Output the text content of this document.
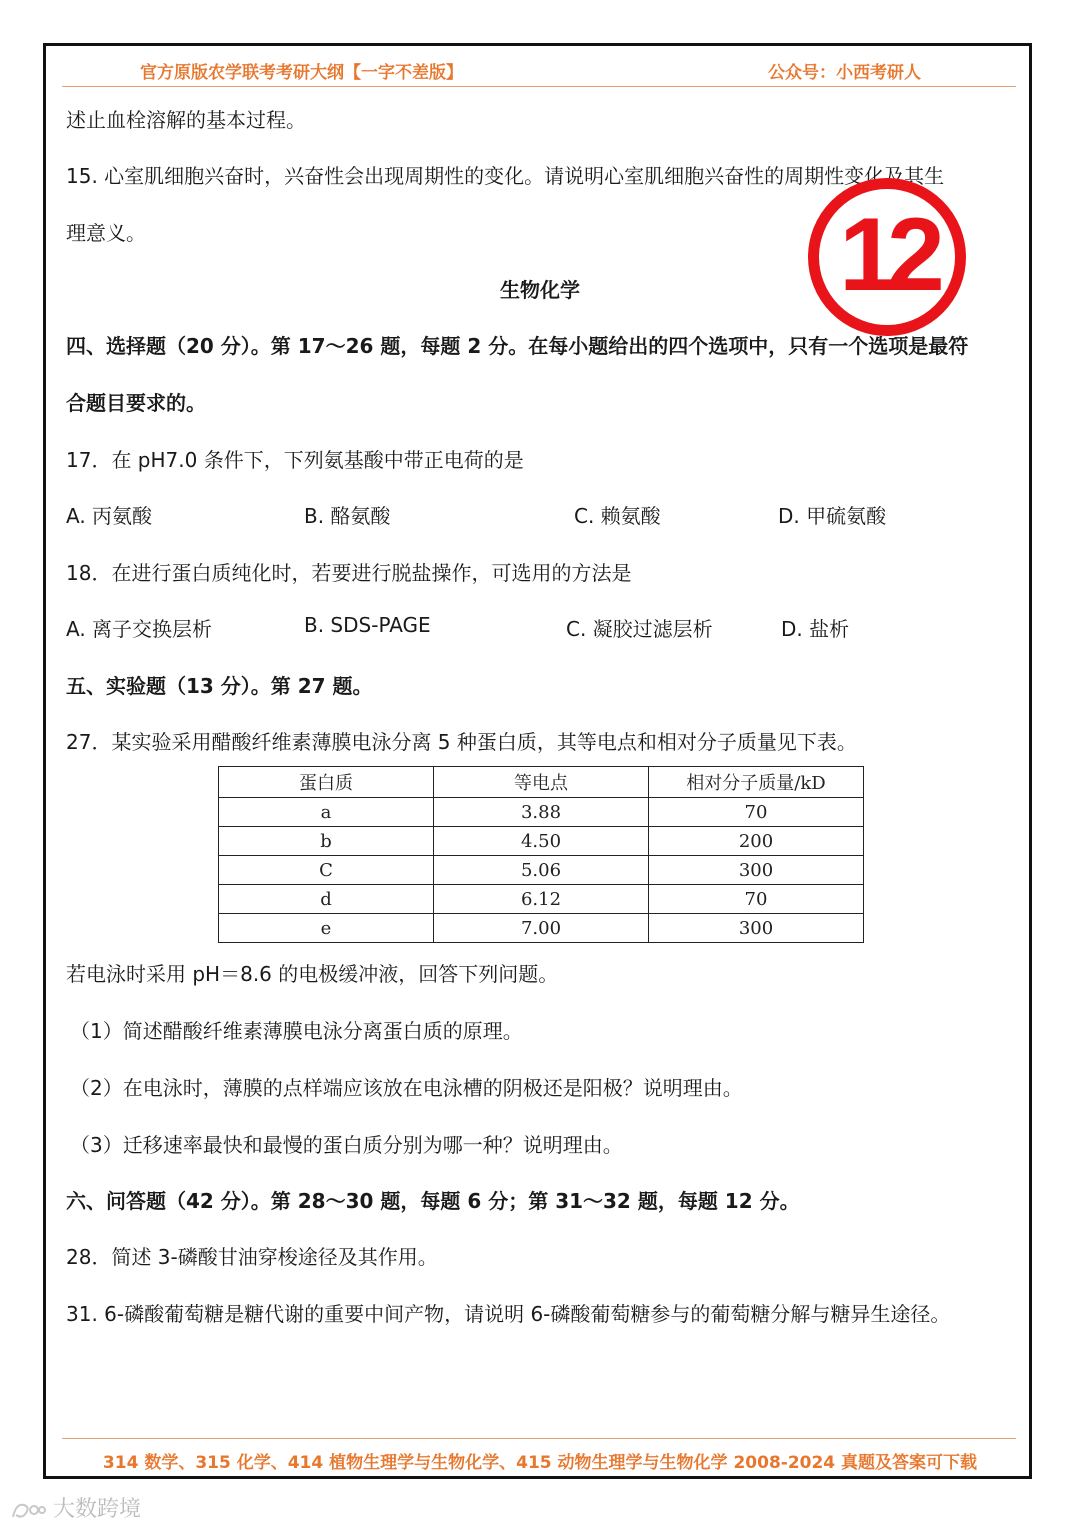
官方原版农学联考考研大纲【一字不差版】	公众号：小西考研人
述止血栓溶解的基本过程。
15. 心室肌细胞兴奋时，兴奋性会出现周期性的变化。请说明心室肌细胞兴奋性的周期性变化及其生
理意义。	12
生物化学
四、选择题（20 分）。第 17～26 题，每题 2 分。在每小题给出的四个选项中，只有一个选项是最符
合题目要求的。
17．在 pH7.0 条件下，下列氨基酸中带正电荷的是
A. 丙氨酸	B. 酪氨酸	C. 赖氨酸	D. 甲硫氨酸
18．在进行蛋白质纯化时，若要进行脱盐操作，可选用的方法是
A. 离子交换层析	B. SDS-PAGE	C. 凝胶过滤层析	D. 盐析
五、实验题（13 分）。第 27 题。
27．某实验采用醋酸纤维素薄膜电泳分离 5 种蛋白质，其等电点和相对分子质量见下表。
蛋白质	等电点	相对分子质量/kD
a	3.88	70
b	4.50	200
C	5.06	300
d	6.12	70
e	7.00	300
若电泳时采用 pH＝8.6 的电极缓冲液，回答下列问题。
（1）简述醋酸纤维素薄膜电泳分离蛋白质的原理。
（2）在电泳时，薄膜的点样端应该放在电泳槽的阴极还是阳极？说明理由。
（3）迁移速率最快和最慢的蛋白质分别为哪一种？说明理由。
六、问答题（42 分）。第 28～30 题，每题 6 分；第 31～32 题，每题 12 分。
28．简述 3-磷酸甘油穿梭途径及其作用。
31. 6-磷酸葡萄糖是糖代谢的重要中间产物，请说明 6-磷酸葡萄糖参与的葡萄糖分解与糖异生途径。
314 数学、315 化学、414 植物生理学与生物化学、415 动物生理学与生物化学 2008-2024 真题及答案可下载
大数跨境
